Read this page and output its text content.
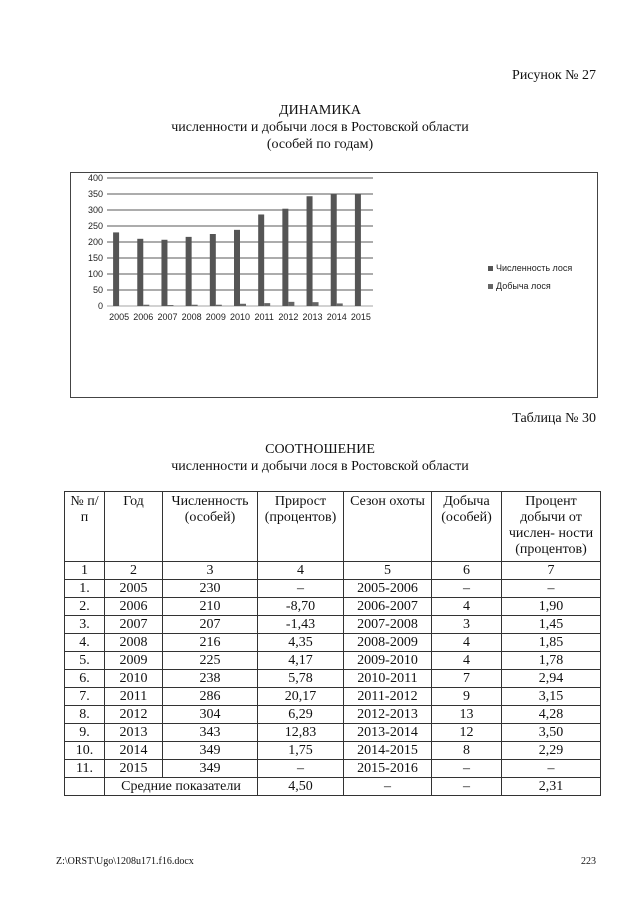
Рисунок № 27
ДИНАМИКА
численности и добычи лося в Ростовской области
(особей по годам)
0
50
100
150
200
250
300
350
400
2005 2006 2007 2008 2009 2010 2011 2012 2013 2014 2015
Численность лося
Добыча лося
Таблица № 30
СООТНОШЕНИЕ
численности и добычи лося в Ростовской области
№ п/п	Год	Численность (особей)	Прирост (процентов)	Сезон охоты	Добыча (особей)	Процент добычи от числен- ности (процентов)
1	2	3	4	5	6	7
1.	2005	230	–	2005-2006	–	–
2.	2006	210	-8,70	2006-2007	4	1,90
3.	2007	207	-1,43	2007-2008	3	1,45
4.	2008	216	4,35	2008-2009	4	1,85
5.	2009	225	4,17	2009-2010	4	1,78
6.	2010	238	5,78	2010-2011	7	2,94
7.	2011	286	20,17	2011-2012	9	3,15
8.	2012	304	6,29	2012-2013	13	4,28
9.	2013	343	12,83	2013-2014	12	3,50
10.	2014	349	1,75	2014-2015	8	2,29
11.	2015	349	–	2015-2016	–	–
	Средние показатели		4,50	–	–	2,31
Z:\ORST\Ugo\1208u171.f16.docx	223
